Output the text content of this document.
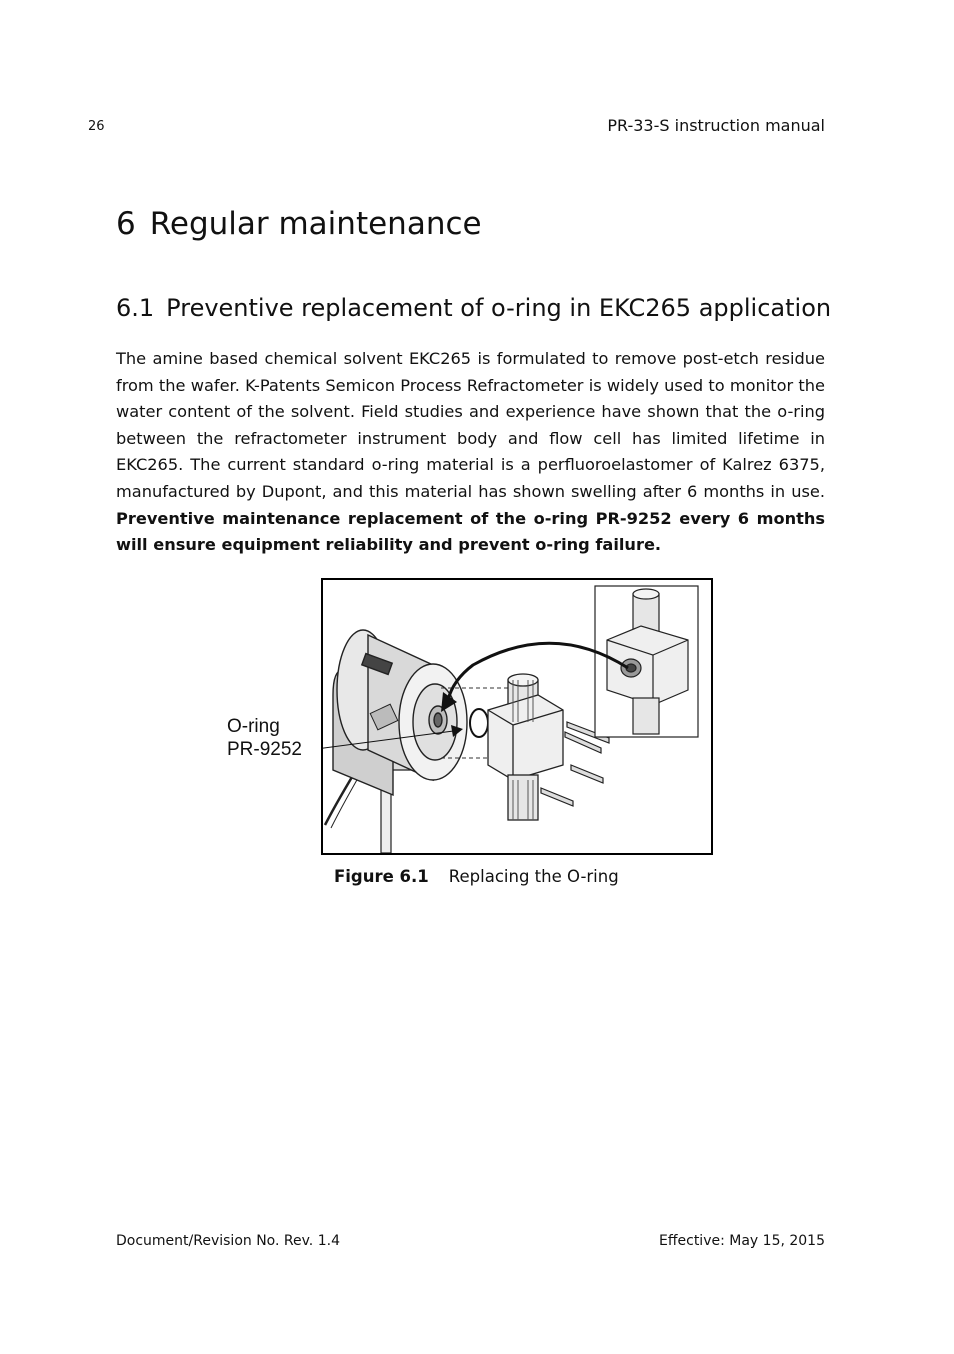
26	PR-33-S instruction manual
6 Regular maintenance
6.1 Preventive replacement of o-ring in EKC265 application

The amine based chemical solvent EKC265 is formulated to remove post-etch residue from the wafer. K-Patents Semicon Process Refractometer is widely used to monitor the water content of the solvent. Field studies and experience have shown that the o-ring between the refractometer instrument body and flow cell has limited lifetime in EKC265. The current standard o-ring material is a perfluoroelastomer of Kalrez 6375, manufactured by Dupont, and this material has shown swelling after 6 months in use. Preventive maintenance replacement of the o-ring PR-9252 every 6 months will ensure equipment reliability and prevent o-ring failure.

O-ring
PR-9252
Figure 6.1 Replacing the O-ring
Document/Revision No. Rev. 1.4	Effective: May 15, 2015
